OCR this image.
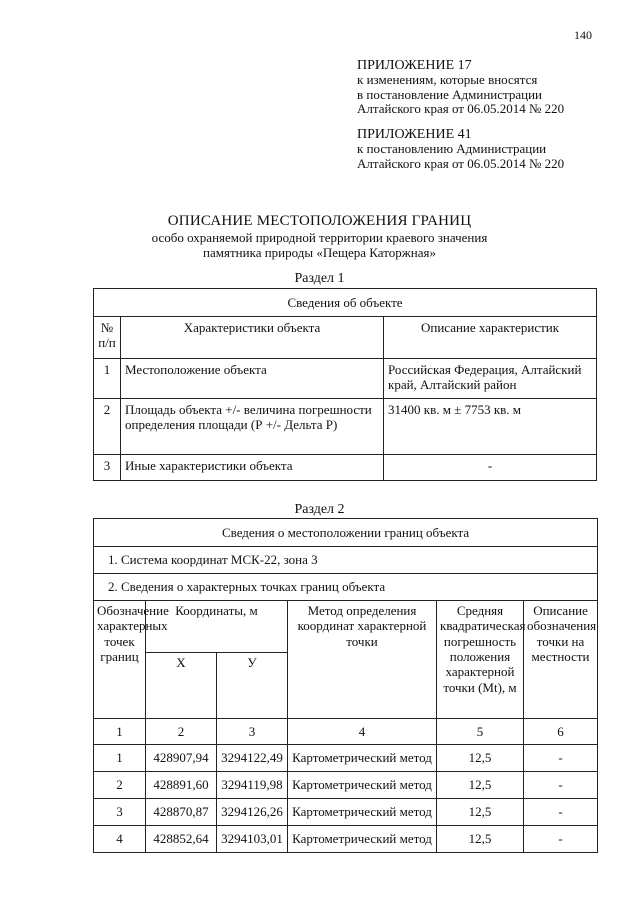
140
ПРИЛОЖЕНИЕ 17
к изменениям, которые вносятся
в постановление Администрации
Алтайского края от 06.05.2014 № 220
ПРИЛОЖЕНИЕ 41
к постановлению Администрации
Алтайского края от 06.05.2014 № 220
ОПИСАНИЕ МЕСТОПОЛОЖЕНИЯ ГРАНИЦ
особо охраняемой природной территории краевого значения
памятника природы «Пещера Каторжная»
Раздел 1
Сведения об объекте		
№ п/п	Характеристики объекта	Описание характеристик
1	Местоположение объекта	Российская Федерация, Алтайский край, Алтайский район
2	Площадь объекта +/- величина погрешности определения площади (Р +/- Дельта Р)	31400 кв. м ± 7753 кв. м
3	Иные характеристики объекта	-
Раздел 2
Сведения о местоположении границ объекта					
1. Система координат МСК-22, зона 3					
2. Сведения о характерных точках границ объекта					
Обозначение характерных точек границ	Координаты, м		Метод определения координат характерной точки	Средняя квадратическая погрешность положения характерной точки (Мt), м	Описание обозначения точки на местности
	Х	У			
1	2	3	4	5	6
1	428907,94	3294122,49	Картометрический метод	12,5	-
2	428891,60	3294119,98	Картометрический метод	12,5	-
3	428870,87	3294126,26	Картометрический метод	12,5	-
4	428852,64	3294103,01	Картометрический метод	12,5	-
